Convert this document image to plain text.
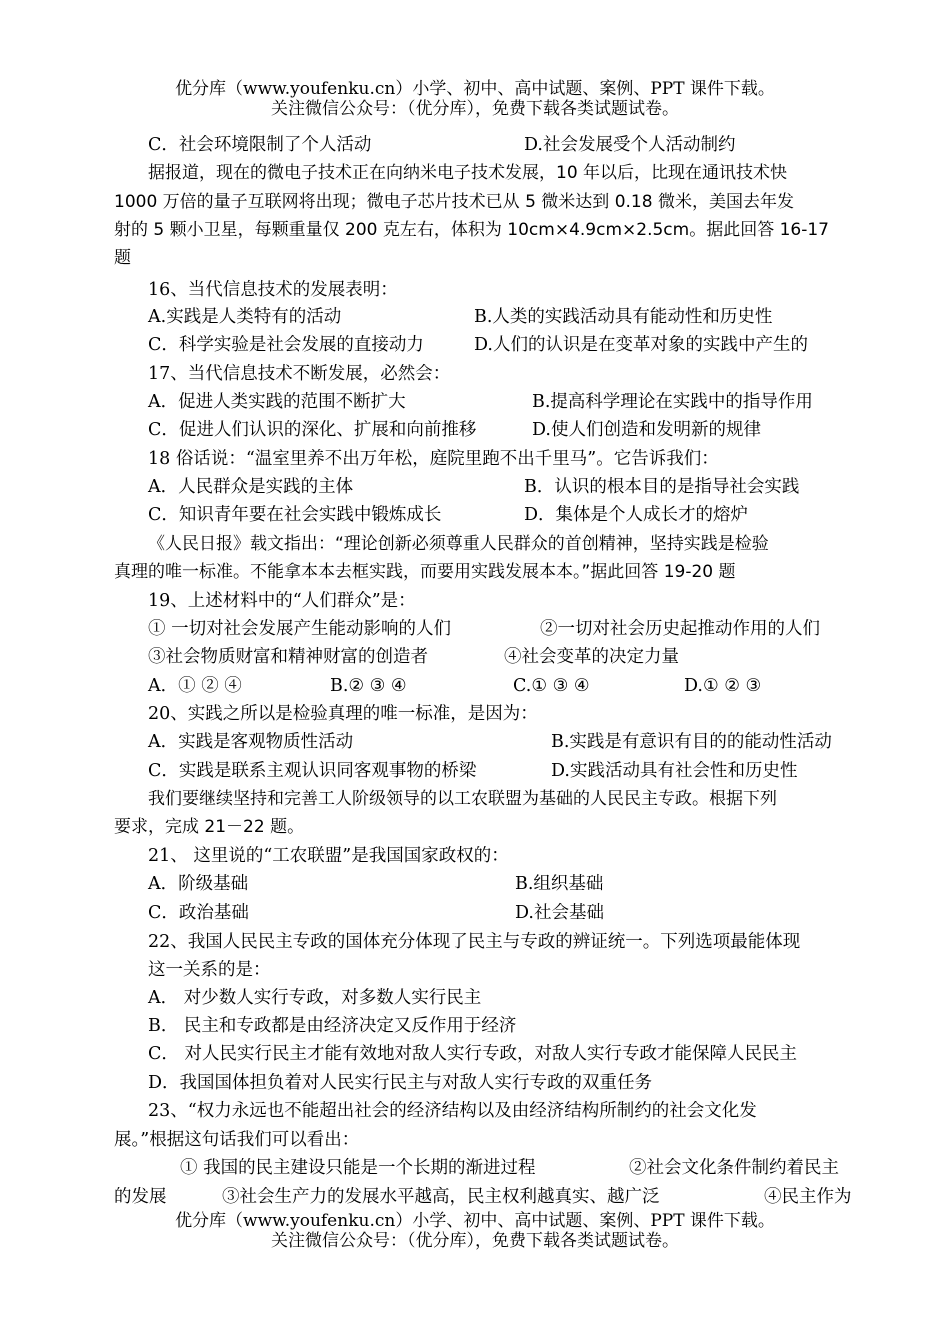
优分库（www.youfenku.cn）小学、初中、高中试题、案例、PPT 课件下载。
关注微信公众号：（优分库），免费下载各类试题试卷。
C．社会环境限制了个人活动	D.社会发展受个人活动制约
据报道，现在的微电子技术正在向纳米电子技术发展，10 年以后，比现在通讯技术快
1000 万倍的量子互联网将出现；微电子芯片技术已从 5 微米达到 0.18 微米，美国去年发
射的 5 颗小卫星，每颗重量仅 200 克左右，体积为 10cm×4.9cm×2.5cm。据此回答 16-17
题
16、当代信息技术的发展表明：
A.实践是人类特有的活动	B.人类的实践活动具有能动性和历史性
C．科学实验是社会发展的直接动力	D.人们的认识是在变革对象的实践中产生的
17、当代信息技术不断发展，必然会：
A．促进人类实践的范围不断扩大	B.提高科学理论在实践中的指导作用
C．促进人们认识的深化、扩展和向前推移	D.使人们创造和发明新的规律
18 俗话说：“温室里养不出万年松，庭院里跑不出千里马”。它告诉我们：
A．人民群众是实践的主体	B．认识的根本目的是指导社会实践
C．知识青年要在社会实践中锻炼成长	D．集体是个人成长才的熔炉
《人民日报》载文指出：“理论创新必须尊重人民群众的首创精神，坚持实践是检验
真理的唯一标准。不能拿本本去框实践，而要用实践发展本本。”据此回答 19-20 题
19、上述材料中的“人们群众”是：
① 一切对社会发展产生能动影响的人们	②一切对社会历史起推动作用的人们
③社会物质财富和精神财富的创造者	④社会变革的决定力量
A．① ② ④	B.② ③ ④	C.① ③ ④	D.① ② ③
20、实践之所以是检验真理的唯一标准，是因为：
A．实践是客观物质性活动	B.实践是有意识有目的的能动性活动
C．实践是联系主观认识同客观事物的桥梁	D.实践活动具有社会性和历史性
我们要继续坚持和完善工人阶级领导的以工农联盟为基础的人民民主专政。根据下列
要求，完成 21－22 题。
21、 这里说的“工农联盟”是我国国家政权的：
A．阶级基础	B.组织基础
C．政治基础	D.社会基础
22、我国人民民主专政的国体充分体现了民主与专政的辨证统一。下列选项最能体现
这一关系的是：
A． 对少数人实行专政，对多数人实行民主
B． 民主和专政都是由经济决定又反作用于经济
C． 对人民实行民主才能有效地对敌人实行专政，对敌人实行专政才能保障人民民主
D．我国国体担负着对人民实行民主与对敌人实行专政的双重任务
23、“权力永远也不能超出社会的经济结构以及由经济结构所制约的社会文化发
展。”根据这句话我们可以看出：
① 我国的民主建设只能是一个长期的渐进过程	②社会文化条件制约着民主
的发展	③社会生产力的发展水平越高，民主权利越真实、越广泛	④民主作为
优分库（www.youfenku.cn）小学、初中、高中试题、案例、PPT 课件下载。
关注微信公众号：（优分库），免费下载各类试题试卷。
